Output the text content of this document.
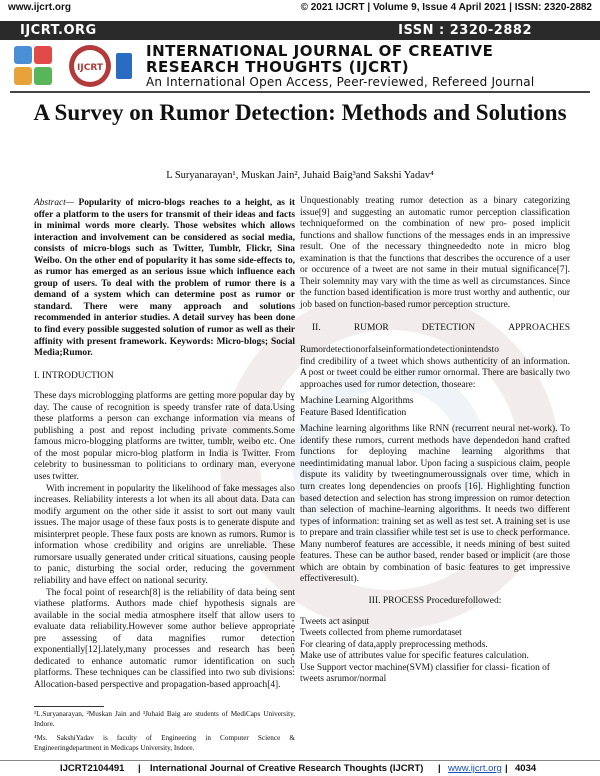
www.ijcrt.org	© 2021 IJCRT | Volume 9, Issue 4 April 2021 | ISSN: 2320-2882
IJCRT.ORG	ISSN : 2320-2882
IJCRT
INTERNATIONAL JOURNAL OF CREATIVE
RESEARCH THOUGHTS (IJCRT)
An International Open Access, Peer-reviewed, Refereed Journal
A Survey on Rumor Detection: Methods and Solutions
L Suryanarayan¹, Muskan Jain², Juhaid Baig³and Sakshi Yadav⁴

Abstract— Popularity of micro-blogs reaches to a height, as it offer a platform to the users for transmit of their ideas and facts in minimal words more clearly. Those websites which allows interaction and involvement can be considered as social media, consists of micro-blogs such as Twitter, Tumblr, Flickr, Sina Weibo. On the other end of popularity it has some side-effects to, as rumor has emerged as an serious issue which influence each group of users. To deal with the problem of rumor there is a demand of a system which can determine post as rumor or standard. There were many approach and solutions recommended in anterior studies. A detail survey has been done to find every possible suggested solution of rumor as well as their affinity with present framework. Keywords: Micro-blogs; Social Media;Rumor.

I. INTRODUCTION

These days microblogging platforms are getting more popular day by day. The cause of recognition is speedy transfer rate of data.Using these platforms a person can exchange information via means of publishing a post and repost including private comments.Some famous micro-blogging platforms are twitter, tumblr, weibo etc. One of the most popular micro-blog platform in India is Twitter. From celebrity to businessman to politicians to ordinary man, everyone uses twitter.

With increment in popularity the likelihood of fake messages also increases. Reliability interests a lot when its all about data. Data can modify argument on the other side it assist to sort out many vault issues. The major usage of these faux posts is to generate dispute and misinterpret people. These faux posts are known as rumors. Rumor is information whose credibility and origins are unreliable. These rumorsare usually generated under critical situations, causing people to panic, disturbing the social order, reducing the government reliability and have effect on national security.

The focal point of research[8] is the reliability of data being sent viathese platforms. Authors made chief hypothesis signals are available in the social media atmosphere itself that allow users to evaluate data reliability.However some author believe appropriate pre assessing of data magnifies rumor detection exponentially[12].lately,many processes and research has been dedicated to enhance automatic rumor identification on such platforms. These techniques can be classified into two sub divisions: Allocation-based perspective and propagation-based approach[4].

¹L.Suryanarayan, ²Muskan Jain and ³Juhaid Baig are students of MediCaps University, Indore.

⁴Ms. SakshiYadav is faculty of Engineering in Computer Science & Engineeringdepartment in Medicaps University, Indore.

Unquestionably treating rumor detection as a binary categorizing issue[9] and suggesting an automatic rumor perception classification techniqueformed on the combination of new pro- posed implicit functions and shallow functions of the messages ends in an impressive result. One of the necessary thingneededto note in micro blog examination is that the functions that describes the occurence of a user or occurence of a tweet are not same in their mutual significance[7]. Their solemnity may vary with the time as well as circumstances. Since the function based identification is more trust worthy and authentic, our job based on function-based rumor perception structure.

II.	RUMOR	DETECTION	APPROACHES

Rumordetectionorfalseinformationdetectionintendsto

find credibility of a tweet which shows authenticity of an information. A post or tweet could be either rumor ornormal. There are basically two approaches used for rumor detection, thoseare:

• Machine Learning Algorithms
• Feature Based Identification

Machine learning algorithms like RNN (recurrent neural net-work). To identify these rumors, current methods have dependedon hand crafted functions for deploying machine learning algorithms that needintimidating manual labor. Upon facing a suspicious claim, people dispute its validity by tweetingnumeroussignals over time, which in turn creates long dependencies on proofs [16]. Highlighting function based detection and selection has strong impression on rumor detection than selection of machine-learning algorithms. It needs two different types of information: training set as well as test set. A training set is use to prepare and train classifier while test set is use to check performance. Many numberof features are accessible, it needs mining of best suited features. These can be author based, render based or implicit (are those which are obtain by combination of basic features to get impressive effectiveresult).

III. PROCESS Procedurefollowed:
• Tweets act asinput
• Tweets collected from pheme rumordataset
• For clearing of data,apply preprocessing methods.
• Make use of attributes value for specific features calculation.
• Use Support vector machine(SVM) classifier for classi- fication of tweets asrumor/normal
IJCRT2104491 | International Journal of Creative Research Thoughts (IJCRT) | www.ijcrt.org | 4034
